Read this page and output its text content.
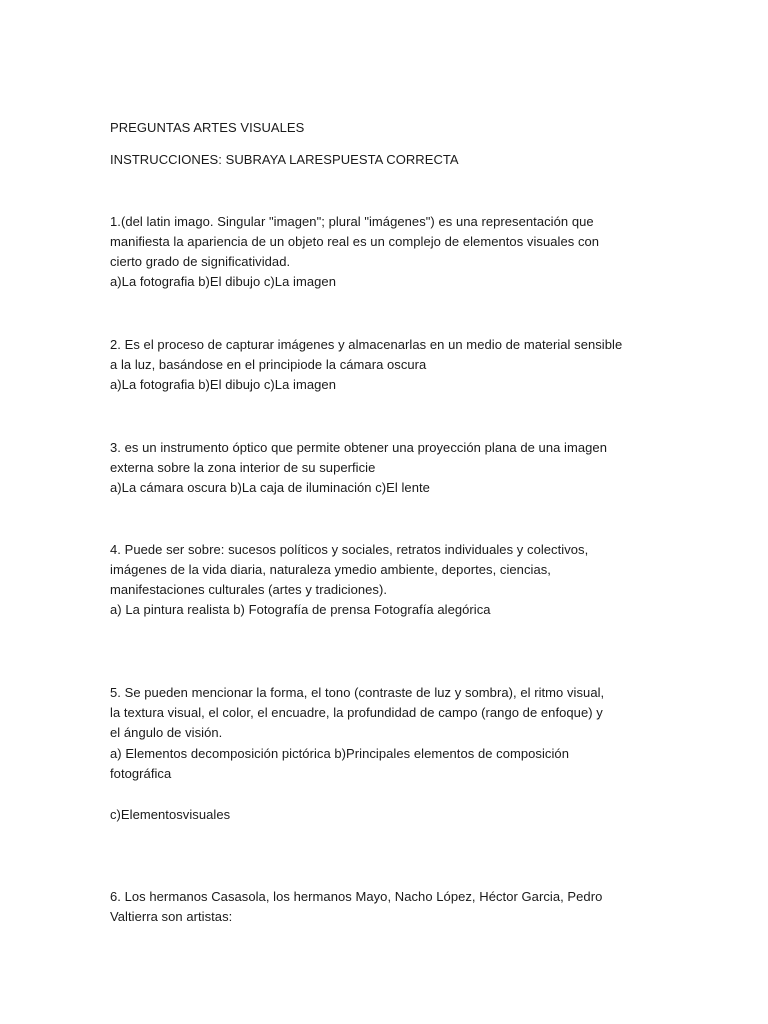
PREGUNTAS ARTES VISUALES
INSTRUCCIONES: SUBRAYA LARESPUESTA CORRECTA
1.(del latin imago. Singular "imagen"; plural "imágenes") es una representación que
manifiesta la apariencia de un objeto real es un complejo de elementos visuales con
cierto grado de significatividad.
a)La fotografia b)El dibujo c)La imagen
2. Es el proceso de capturar imágenes y almacenarlas en un medio de material sensible
a la luz, basándose en el principiode la cámara oscura
a)La fotografia b)El dibujo c)La imagen
3. es un instrumento óptico que permite obtener una proyección plana de una imagen
externa sobre la zona interior de su superficie
a)La cámara oscura b)La caja de iluminación c)El lente
4. Puede ser sobre: sucesos políticos y sociales, retratos individuales y colectivos,
imágenes de la vida diaria, naturaleza ymedio ambiente, deportes, ciencias,
manifestaciones culturales (artes y tradiciones).
a) La pintura realista b) Fotografía de prensa Fotografía alegórica
5. Se pueden mencionar la forma, el tono (contraste de luz y sombra), el ritmo visual,
la textura visual, el color, el encuadre, la profundidad de campo (rango de enfoque) y
el ángulo de visión.
a) Elementos decomposición pictórica b)Principales elementos de composición
fotográfica
c)Elementosvisuales
6. Los hermanos Casasola, los hermanos Mayo, Nacho López, Héctor Garcia, Pedro
Valtierra son artistas:
